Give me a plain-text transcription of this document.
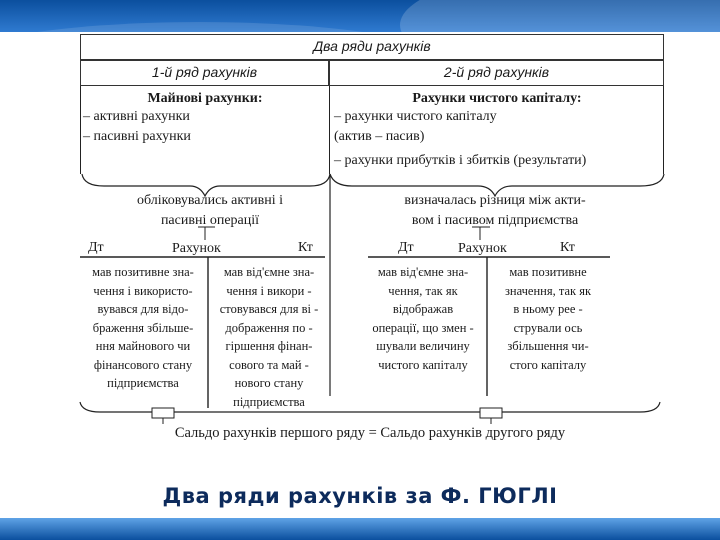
Два ряди рахунків
1-й ряд рахунків	2-й ряд рахунків
Майнові рахунки:
– активні рахунки
– пасивні рахунки
Рахунки чистого капіталу:
– рахунки чистого капіталу
(актив – пасив)
– рахунки прибутків і збитків (результати)
обліковувались активні і
пасивні операції
визначалась різниця між акти-
вом і пасивом підприємства
Дт	Рахунок	Кт	Дт	Рахунок	Кт
мав позитивне зна-
чення і використо-
вувався для відо-
браження збільше-
ння майнового чи
фінансового стану
підприємства
мав від'ємне зна-
чення і викори -
стовувався для ві -
дображення по -
гіршення фінан-
сового та май -
нового стану
підприємства
мав від'ємне зна-
чення, так як
відображав
операції, що змен -
шували величину
чистого капіталу
мав позитивне
значення, так як
в ньому рее -
стрували ось
збільшення чи-
стого капіталу
Сальдо рахунків першого ряду = Сальдо рахунків другого ряду
Два ряди рахунків за Ф. ГЮГЛІ
